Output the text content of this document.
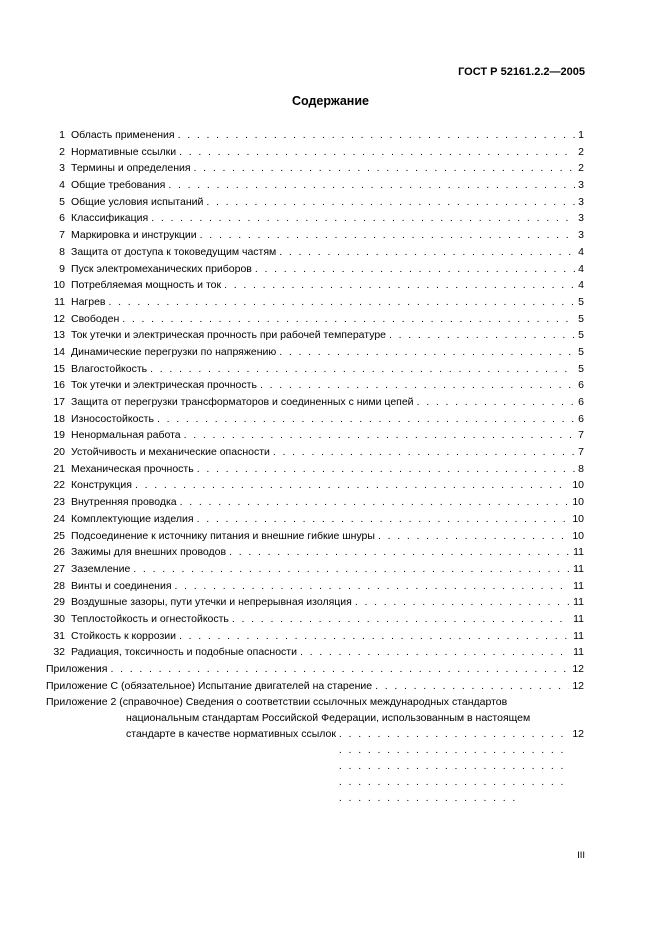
ГОСТ Р 52161.2.2—2005
Содержание
1 Область применения . . .	1
2 Нормативные ссылки . . .	2
3 Термины и определения . . .	2
4 Общие требования . . .	3
5 Общие условия испытаний . . .	3
6 Классификация . . .	3
7 Маркировка и инструкции . . .	3
8 Защита от доступа к токоведущим частям . . .	4
9 Пуск электромеханических приборов . . .	4
10 Потребляемая мощность и ток . . .	4
11 Нагрев . . .	5
12 Свободен . . .	5
13 Ток утечки и электрическая прочность при рабочей температуре . . .	5
14 Динамические перегрузки по напряжению . . .	5
15 Влагостойкость . . .	5
16 Ток утечки и электрическая прочность . . .	6
17 Защита от перегрузки трансформаторов и соединенных с ними цепей . . .	6
18 Износостойкость . . .	6
19 Ненормальная работа . . .	7
20 Устойчивость и механические опасности . . .	7
21 Механическая прочность . . .	8
22 Конструкция . . .	10
23 Внутренняя проводка . . .	10
24 Комплектующие изделия . . .	10
25 Подсоединение к источнику питания и внешние гибкие шнуры . . .	10
26 Зажимы для внешних проводов . . .	11
27 Заземление . . .	11
28 Винты и соединения . . .	11
29 Воздушные зазоры, пути утечки и непрерывная изоляция . . .	11
30 Теплостойкость и огнестойкость . . .	11
31 Стойкость к коррозии . . .	11
32 Радиация, токсичность и подобные опасности . . .	11
Приложения . . .	12
Приложение C (обязательное) Испытание двигателей на старение . . .	12
Приложение 2 (справочное) Сведения о соответствии ссылочных международных стандартов
национальным стандартам Российской Федерации, использованным в настоящем
стандарте в качестве нормативных ссылок . . .	12
III
